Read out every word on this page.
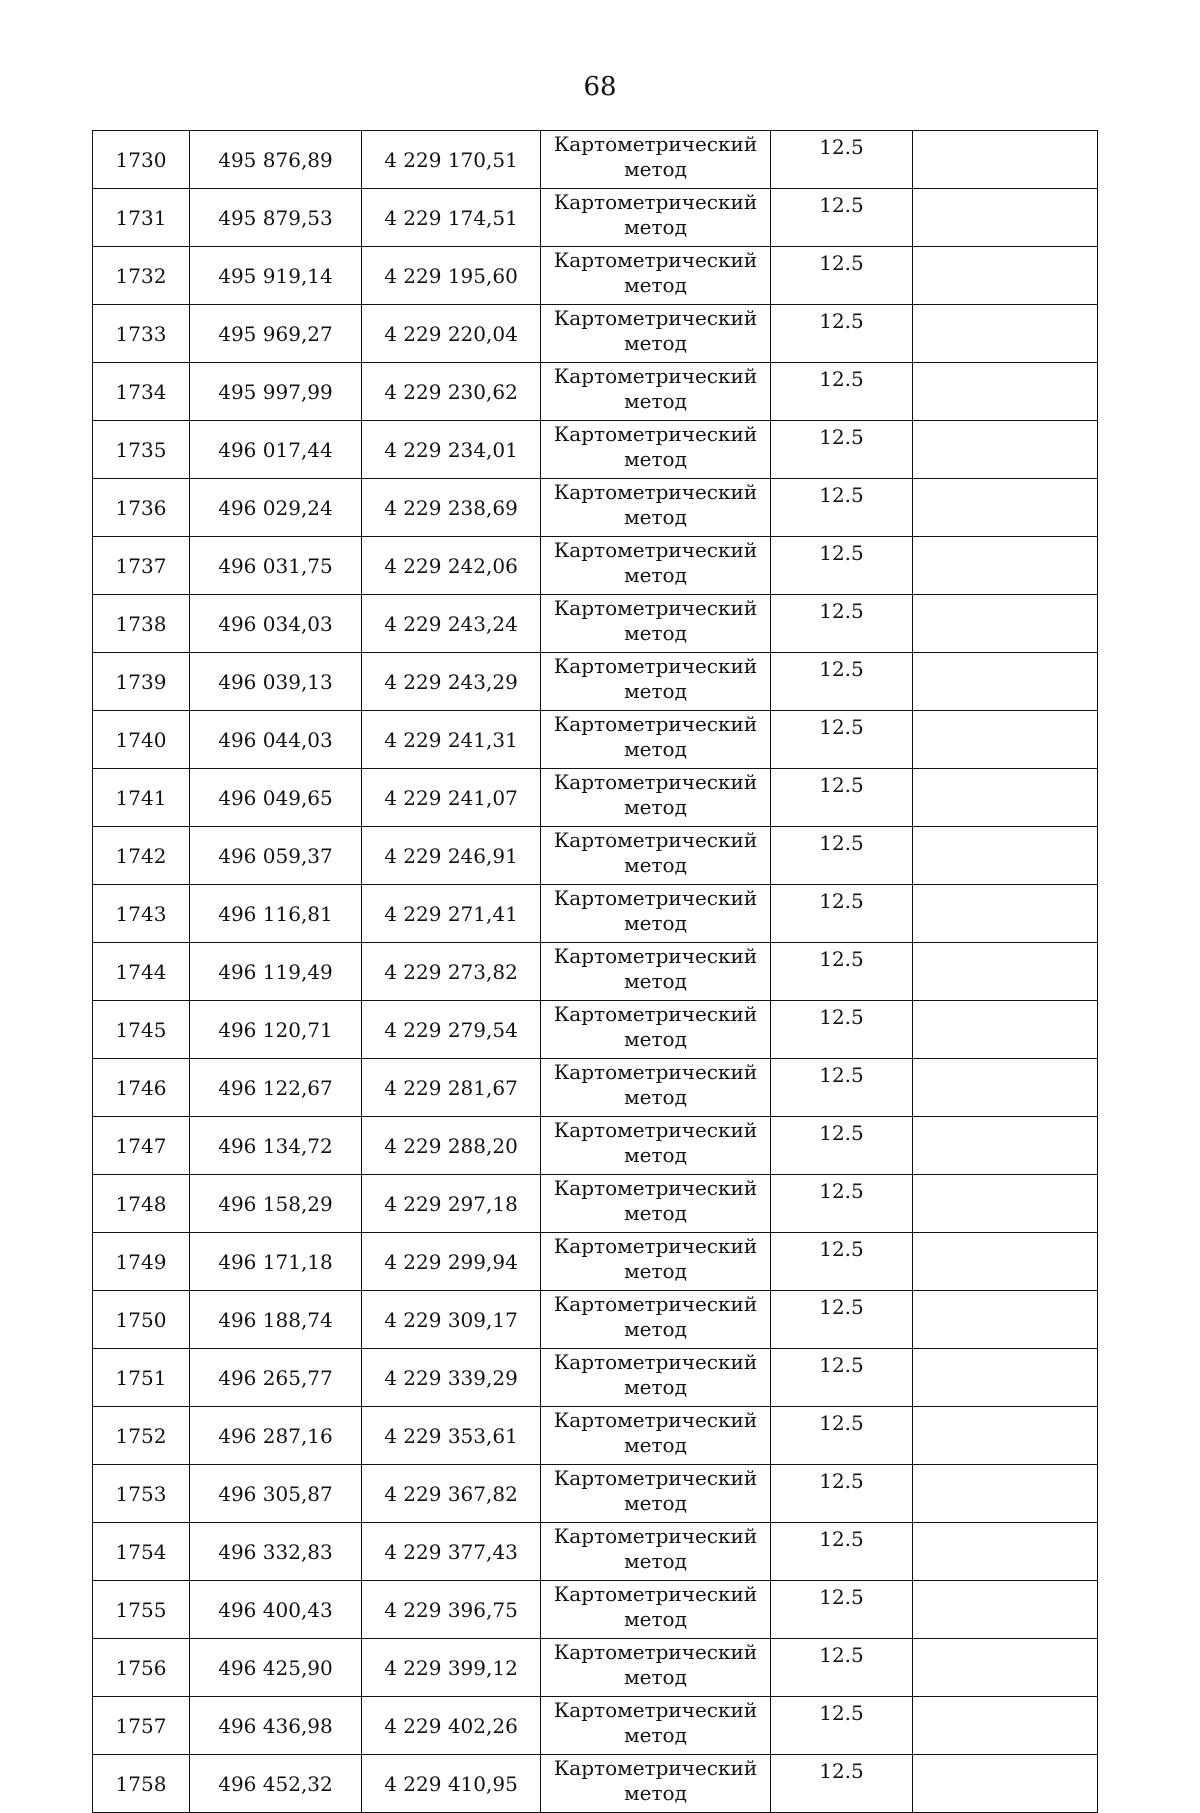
68
1730	495 876,89	4 229 170,51	Картометрический
метод	12.5	
1731	495 879,53	4 229 174,51	Картометрический
метод	12.5	
1732	495 919,14	4 229 195,60	Картометрический
метод	12.5	
1733	495 969,27	4 229 220,04	Картометрический
метод	12.5	
1734	495 997,99	4 229 230,62	Картометрический
метод	12.5	
1735	496 017,44	4 229 234,01	Картометрический
метод	12.5	
1736	496 029,24	4 229 238,69	Картометрический
метод	12.5	
1737	496 031,75	4 229 242,06	Картометрический
метод	12.5	
1738	496 034,03	4 229 243,24	Картометрический
метод	12.5	
1739	496 039,13	4 229 243,29	Картометрический
метод	12.5	
1740	496 044,03	4 229 241,31	Картометрический
метод	12.5	
1741	496 049,65	4 229 241,07	Картометрический
метод	12.5	
1742	496 059,37	4 229 246,91	Картометрический
метод	12.5	
1743	496 116,81	4 229 271,41	Картометрический
метод	12.5	
1744	496 119,49	4 229 273,82	Картометрический
метод	12.5	
1745	496 120,71	4 229 279,54	Картометрический
метод	12.5	
1746	496 122,67	4 229 281,67	Картометрический
метод	12.5	
1747	496 134,72	4 229 288,20	Картометрический
метод	12.5	
1748	496 158,29	4 229 297,18	Картометрический
метод	12.5	
1749	496 171,18	4 229 299,94	Картометрический
метод	12.5	
1750	496 188,74	4 229 309,17	Картометрический
метод	12.5	
1751	496 265,77	4 229 339,29	Картометрический
метод	12.5	
1752	496 287,16	4 229 353,61	Картометрический
метод	12.5	
1753	496 305,87	4 229 367,82	Картометрический
метод	12.5	
1754	496 332,83	4 229 377,43	Картометрический
метод	12.5	
1755	496 400,43	4 229 396,75	Картометрический
метод	12.5	
1756	496 425,90	4 229 399,12	Картометрический
метод	12.5	
1757	496 436,98	4 229 402,26	Картометрический
метод	12.5	
1758	496 452,32	4 229 410,95	Картометрический
метод	12.5	
